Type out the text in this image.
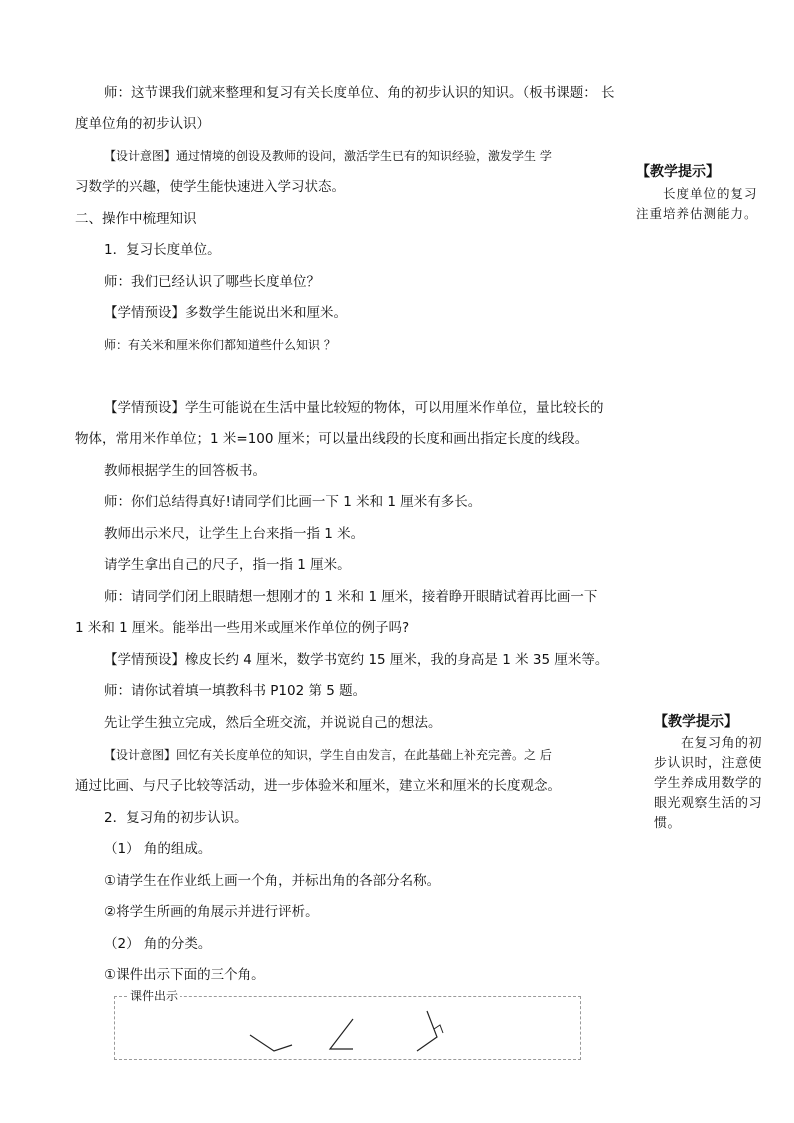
师：这节课我们就来整理和复习有关长度单位、角的初步认识的知识。（板书课题： 长
度单位角的初步认识）
【设计意图】通过情境的创设及教师的设问，激活学生已有的知识经验，激发学生 学
习数学的兴趣，使学生能快速进入学习状态。
二、操作中梳理知识
1．复习长度单位。
师：我们已经认识了哪些长度单位？
【学情预设】多数学生能说出米和厘米。
师：有关米和厘米你们都知道些什么知识 ？
【学情预设】学生可能说在生活中量比较短的物体，可以用厘米作单位，量比较长的
物体，常用米作单位；1 米=100 厘米；可以量出线段的长度和画出指定长度的线段。
教师根据学生的回答板书。
师：你们总结得真好!请同学们比画一下 1 米和 1 厘米有多长。
教师出示米尺，让学生上台来指一指 1 米。
请学生拿出自己的尺子，指一指 1 厘米。
师：请同学们闭上眼睛想一想刚才的 1 米和 1 厘米，接着睁开眼睛试着再比画一下
1 米和 1 厘米。能举出一些用米或厘米作单位的例子吗?
【学情预设】橡皮长约 4 厘米，数学书宽约 15 厘米，我的身高是 1 米 35 厘米等。
师：请你试着填一填教科书 P102 第 5 题。
先让学生独立完成，然后全班交流，并说说自己的想法。
【设计意图】回忆有关长度单位的知识，学生自由发言，在此基础上补充完善。之 后
通过比画、与尺子比较等活动，进一步体验米和厘米，建立米和厘米的长度观念。
2．复习角的初步认识。
（1） 角的组成。
①请学生在作业纸上画一个角，并标出角的各部分名称。
②将学生所画的角展示并进行评析。
（2） 角的分类。
①课件出示下面的三个角。
【教学提示】
　　长度单位的复习注重培养估测能力。
【教学提示】
　　在复习角的初步认识时，注意使学生养成用数学的眼光观察生活的习惯。
课件出示
